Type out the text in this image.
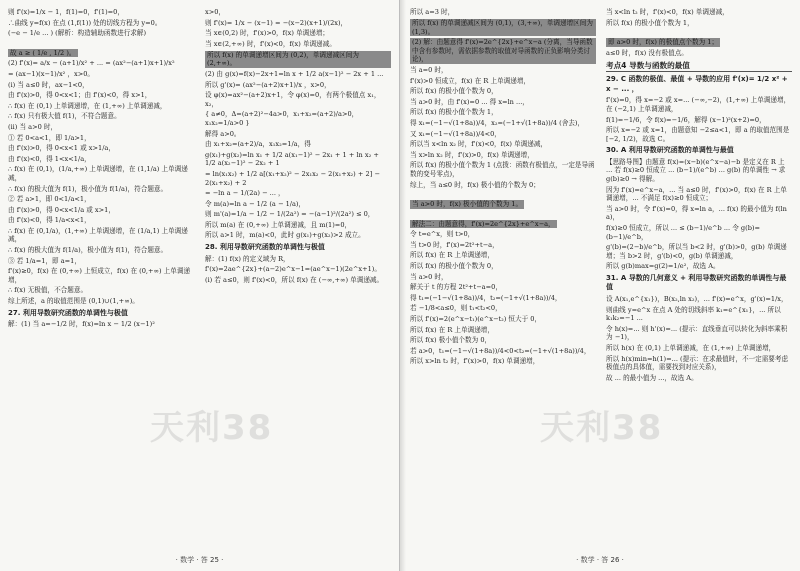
则 f'(x)=1/x − 1，f(1)=0，f'(1)=0，

∴曲线 y=f(x) 在点 (1,f(1)) 处的切线方程为 y=0。

(−e − 1/e ... ) (解析：构造辅助函数进行求解)

故 a ≥ ( 1/e , 1/2 )。

(2) f'(x)= a/x − (a+1)/x² + ... = (ax²−(a+1)x+1)/x²

= (ax−1)(x−1)/x² ，x>0。

(i) 当 a≤0 时，ax−1<0，

由 f'(x)>0，得 0<x<1；由 f'(x)<0，得 x>1，

∴ f(x) 在 (0,1) 上单调递增，在 (1,+∞) 上单调递减，

∴ f(x) 只有极大值 f(1)，不符合题意。

(ii) 当 a>0 时，

① 若 0<a<1，即 1/a>1，

由 f'(x)>0，得 0<x<1 或 x>1/a，

由 f'(x)<0，得 1<x<1/a，

∴ f(x) 在 (0,1)，(1/a,+∞) 上单调递增，在 (1,1/a) 上单调递减，

∴ f(x) 的极大值为 f(1)，极小值为 f(1/a)，符合题意。

② 若 a>1，即 0<1/a<1，

由 f'(x)>0，得 0<x<1/a 或 x>1，

由 f'(x)<0，得 1/a<x<1，

∴ f(x) 在 (0,1/a)，(1,+∞) 上单调递增，在 (1/a,1) 上单调递减，

∴ f(x) 的极大值为 f(1/a)，极小值为 f(1)，符合题意。

③ 若 1/a=1，即 a=1，

f'(x)≥0，f(x) 在 (0,+∞) 上恒成立，f(x) 在 (0,+∞) 上单调递增，

∴ f(x) 无极值，不合题意。

综上所述，a 的取值范围是 (0,1)∪(1,+∞)。

27. 利用导数研究函数的单调性与极值

解：(1) 当 a=−1/2 时，f(x)=ln x − 1/2 (x−1)²

x>0，

则 f'(x)= 1/x − (x−1) = −(x−2)(x+1)/(2x)，

当 x∈(0,2) 时，f'(x)>0，f(x) 单调递增；

当 x∈(2,+∞) 时，f'(x)<0，f(x) 单调递减。

所以 f(x) 的单调递增区间为 (0,2)，单调递减区间为 (2,+∞)。

(2) 由 g(x)=f(x)−2x+1=ln x + 1/2 a(x−1)² − 2x + 1 ...

所以 g'(x)= (ax²−(a+2)x+1)/x ，x>0，

设 φ(x)=ax²−(a+2)x+1，令 φ(x)=0，有两个极值点 x₁，x₂，

{ a≠0，Δ=(a+2)²−4a>0，x₁+x₂=(a+2)/a>0，x₁x₂=1/a>0 }

解得 a>0。

由 x₁+x₂=(a+2)/a，x₁x₂=1/a，得

g(x₁)+g(x₂)=ln x₁ + 1/2 a(x₁−1)² − 2x₁ + 1 + ln x₂ + 1/2 a(x₂−1)² − 2x₂ + 1

= ln(x₁x₂) + 1/2 a[(x₁+x₂)² − 2x₁x₂ − 2(x₁+x₂) + 2] − 2(x₁+x₂) + 2

= −ln a − 1/(2a) − ... ，

令 m(a)=ln a − 1/2 (a − 1/a)，

则 m'(a)=1/a − 1/2 − 1/(2a²) = −(a−1)²/(2a²) ≤ 0，

所以 m(a) 在 (0,+∞) 上单调递减，且 m(1)=0，

所以 a>1 时，m(a)<0，此时 g(x₁)+g(x₂)>2 成立。

28. 利用导数研究函数的单调性与极值

解：(1) f(x) 的定义域为 R，

f'(x)=2ae^{2x}+(a−2)e^x−1=(ae^x−1)(2e^x+1)。

(i) 若 a≤0，则 f'(x)<0，所以 f(x) 在 (−∞,+∞) 单调递减。

天利38
· 数学 · 答 25 ·

所以 a=3 时，

所以 f(x) 的单调递减区间为 (0,1)，(3,+∞)，单调递增区间为 (1,3)。

(2) 解：由题意得 f'(x)=2e^{2x}+e^x−a (分离，当导函数中含有参数时，需依据参数的取值对导函数的正负影响分类讨论)，

当 a=0 时，

f'(x)>0 恒成立，f(x) 在 R 上单调递增，

所以 f(x) 的极小值个数为 0，

当 a>0 时，由 f'(x)=0 ... 得 x=ln ...，

所以 f(x) 的极小值个数为 1，

得 x₁=(−1−√(1+8a))/4，x₂=(−1+√(1+8a))/4 (舍去)，

又 x₁=(−1−√(1+8a))/4<0，

所以当 x<ln x₂ 时，f'(x)<0，f(x) 单调递减，

当 x>ln x₂ 时，f'(x)>0，f(x) 单调递增，

所以 f(x) 的极小值个数为 1 (点拨：函数有极值点，一定是导函数的变号零点)，

综上，当 a≤0 时，f(x) 极小值的个数为 0；

当 a>0 时，f(x) 极小值的个数为 1。

解法二：由题意得，f'(x)=2e^{2x}+e^x−a，

令 t=e^x，则 t>0，

当 t>0 时，f'(x)=2t²+t−a，

所以 f(x) 在 R 上单调递增，

所以 f(x) 的极小值个数为 0，

当 a>0 时，

解关于 t 的方程 2t²+t−a=0，

得 t₁=(−1−√(1+8a))/4，t₂=(−1+√(1+8a))/4，

若 −1/8<a≤0，则 t₁<t₂<0，

所以 f'(x)=2(e^x−t₁)(e^x−t₂) 恒大于 0，

所以 f(x) 在 R 上单调递增，

所以 f(x) 极小值个数为 0，

若 a>0，t₁=(−1−√(1+8a))/4<0<t₂=(−1+√(1+8a))/4，

所以 x>ln t₂ 时，f'(x)>0，f(x) 单调递增，

当 x<ln t₂ 时，f'(x)<0，f(x) 单调递减，

所以 f(x) 的极小值个数为 1，

即 a>0 时，f(x) 的极值点个数为 1；

a≤0 时，f(x) 没有极值点。

考点4 导数与函数的最值

29. C 函数的极值、最值 + 导数的应用 f'(x)= 1/2 x² + x − ... ，

f'(x)=0，得 x=−2 或 x=... (−∞,−2)，(1,+∞) 上单调递增，在 (−2,1) 上单调递减，

f(1)=−1/6，令 f(x)=−1/6，解得 (x−1)²(x+2)=0，

所以 x=−2 或 x=1，由题意知 −2≤a<1，即 a 的取值范围是 [−2, 1/2)，故选 C。

30. A 利用导数研究函数的单调性与最值

【思路导图】由题意 f(x)=(x−b)(e^x−a)−b 是定义在 R 上 ... 若 f(x)≥0 恒成立 ... (b−1)/(e^b) ... g(b) 的单调性 → 求 g(b)≥0 → 得解。

因为 f'(x)=e^x−a，... 当 a≤0 时，f'(x)>0，f(x) 在 R 上单调递增，... 不满足 f(x)≥0 恒成立；

当 a>0 时，令 f'(x)=0，得 x=ln a，... f(x) 的最小值为 f(ln a)，

f(x)≥0 恒成立，所以 ... ≤ (b−1)/e^b ... 令 g(b)=(b−1)/e^b，

g'(b)=(2−b)/e^b，所以当 b<2 时，g'(b)>0，g(b) 单调递增；当 b>2 时，g'(b)<0，g(b) 单调递减，

所以 g(b)max=g(2)=1/e²，故选 A。

31. A 导数的几何意义 + 利用导数研究函数的单调性与最值

设 A(x₁,e^{x₁})，B(x₂,ln x₂)，... f'(x)=e^x，g'(x)=1/x，

则曲线 y=e^x 在点 A 处的切线斜率 k₁=e^{x₁}，... 所以 k₁k₂=−1 ...

令 h(x)=... 则 h'(x)=... (提示：直线垂直可以转化为斜率乘积为 −1)，

所以 h(x) 在 (0,1) 上单调递减，在 (1,+∞) 上单调递增，

所以 h(x)min=h(1)=... (提示：在求最值时，不一定需要考虑极值点的具体值，需要找到对应关系)，

故 ... 的最小值为 ...，故选 A。

天利38
· 数学 · 答 26 ·
